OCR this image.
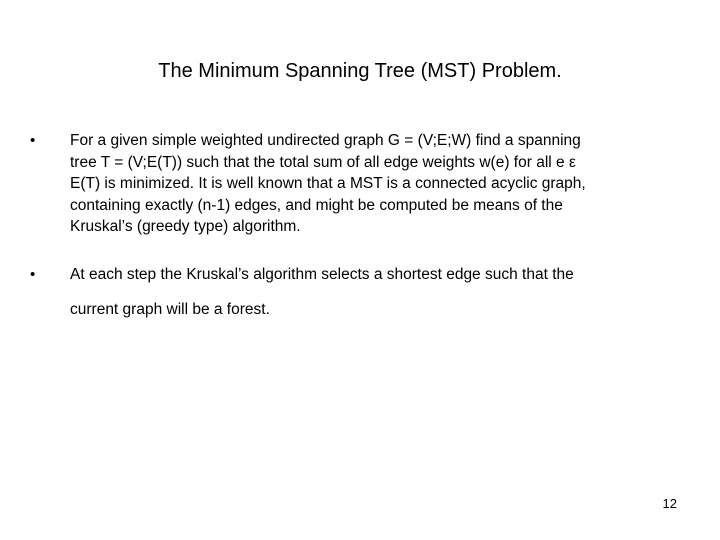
The Minimum Spanning Tree (MST) Problem.
• For a given simple weighted undirected graph G = (V;E;W) find a spanning
tree T = (V;E(T)) such that the total sum of all edge weights w(e) for all e ε
E(T) is minimized. It is well known that a MST is a connected acyclic graph,
containing exactly (n-1) edges, and might be computed be means of the
Kruskal’s (greedy type) algorithm.
• At each step the Kruskal’s algorithm selects a shortest edge such that the
current graph will be a forest.
12
